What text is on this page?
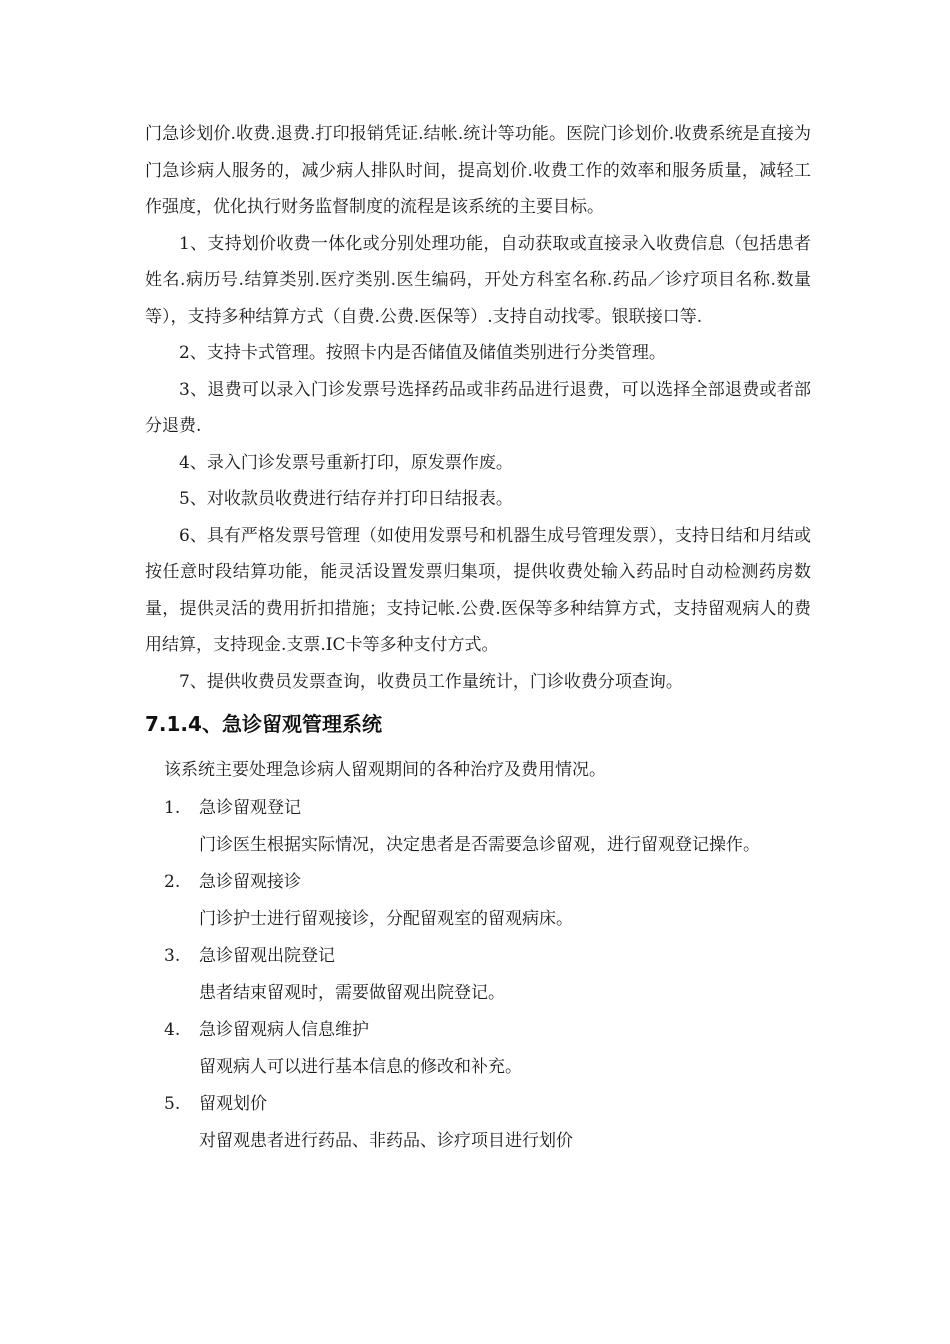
门急诊划价.收费.退费.打印报销凭证.结帐.统计等功能。医院门诊划价.收费系统是直接为门急诊病人服务的，减少病人排队时间，提高划价.收费工作的效率和服务质量，减轻工作强度，优化执行财务监督制度的流程是该系统的主要目标。

1、支持划价收费一体化或分别处理功能，自动获取或直接录入收费信息（包括患者姓名.病历号.结算类别.医疗类别.医生编码，开处方科室名称.药品／诊疗项目名称.数量等），支持多种结算方式（自费.公费.医保等）.支持自动找零。银联接口等.

2、支持卡式管理。按照卡内是否储值及储值类别进行分类管理。

3、退费可以录入门诊发票号选择药品或非药品进行退费，可以选择全部退费或者部分退费.

4、录入门诊发票号重新打印，原发票作废。

5、对收款员收费进行结存并打印日结报表。

6、具有严格发票号管理（如使用发票号和机器生成号管理发票），支持日结和月结或按任意时段结算功能，能灵活设置发票归集项，提供收费处输入药品时自动检测药房数量，提供灵活的费用折扣措施；支持记帐.公费.医保等多种结算方式，支持留观病人的费用结算，支持现金.支票.IC卡等多种支付方式。

7、提供收费员发票查询，收费员工作量统计，门诊收费分项查询。

7.1.4、急诊留观管理系统

该系统主要处理急诊病人留观期间的各种治疗及费用情况。

1.	急诊留观登记

门诊医生根据实际情况，决定患者是否需要急诊留观，进行留观登记操作。

2.	急诊留观接诊

门诊护士进行留观接诊，分配留观室的留观病床。

3.	急诊留观出院登记

患者结束留观时，需要做留观出院登记。

4.	急诊留观病人信息维护

留观病人可以进行基本信息的修改和补充。

5.	留观划价

对留观患者进行药品、非药品、诊疗项目进行划价
